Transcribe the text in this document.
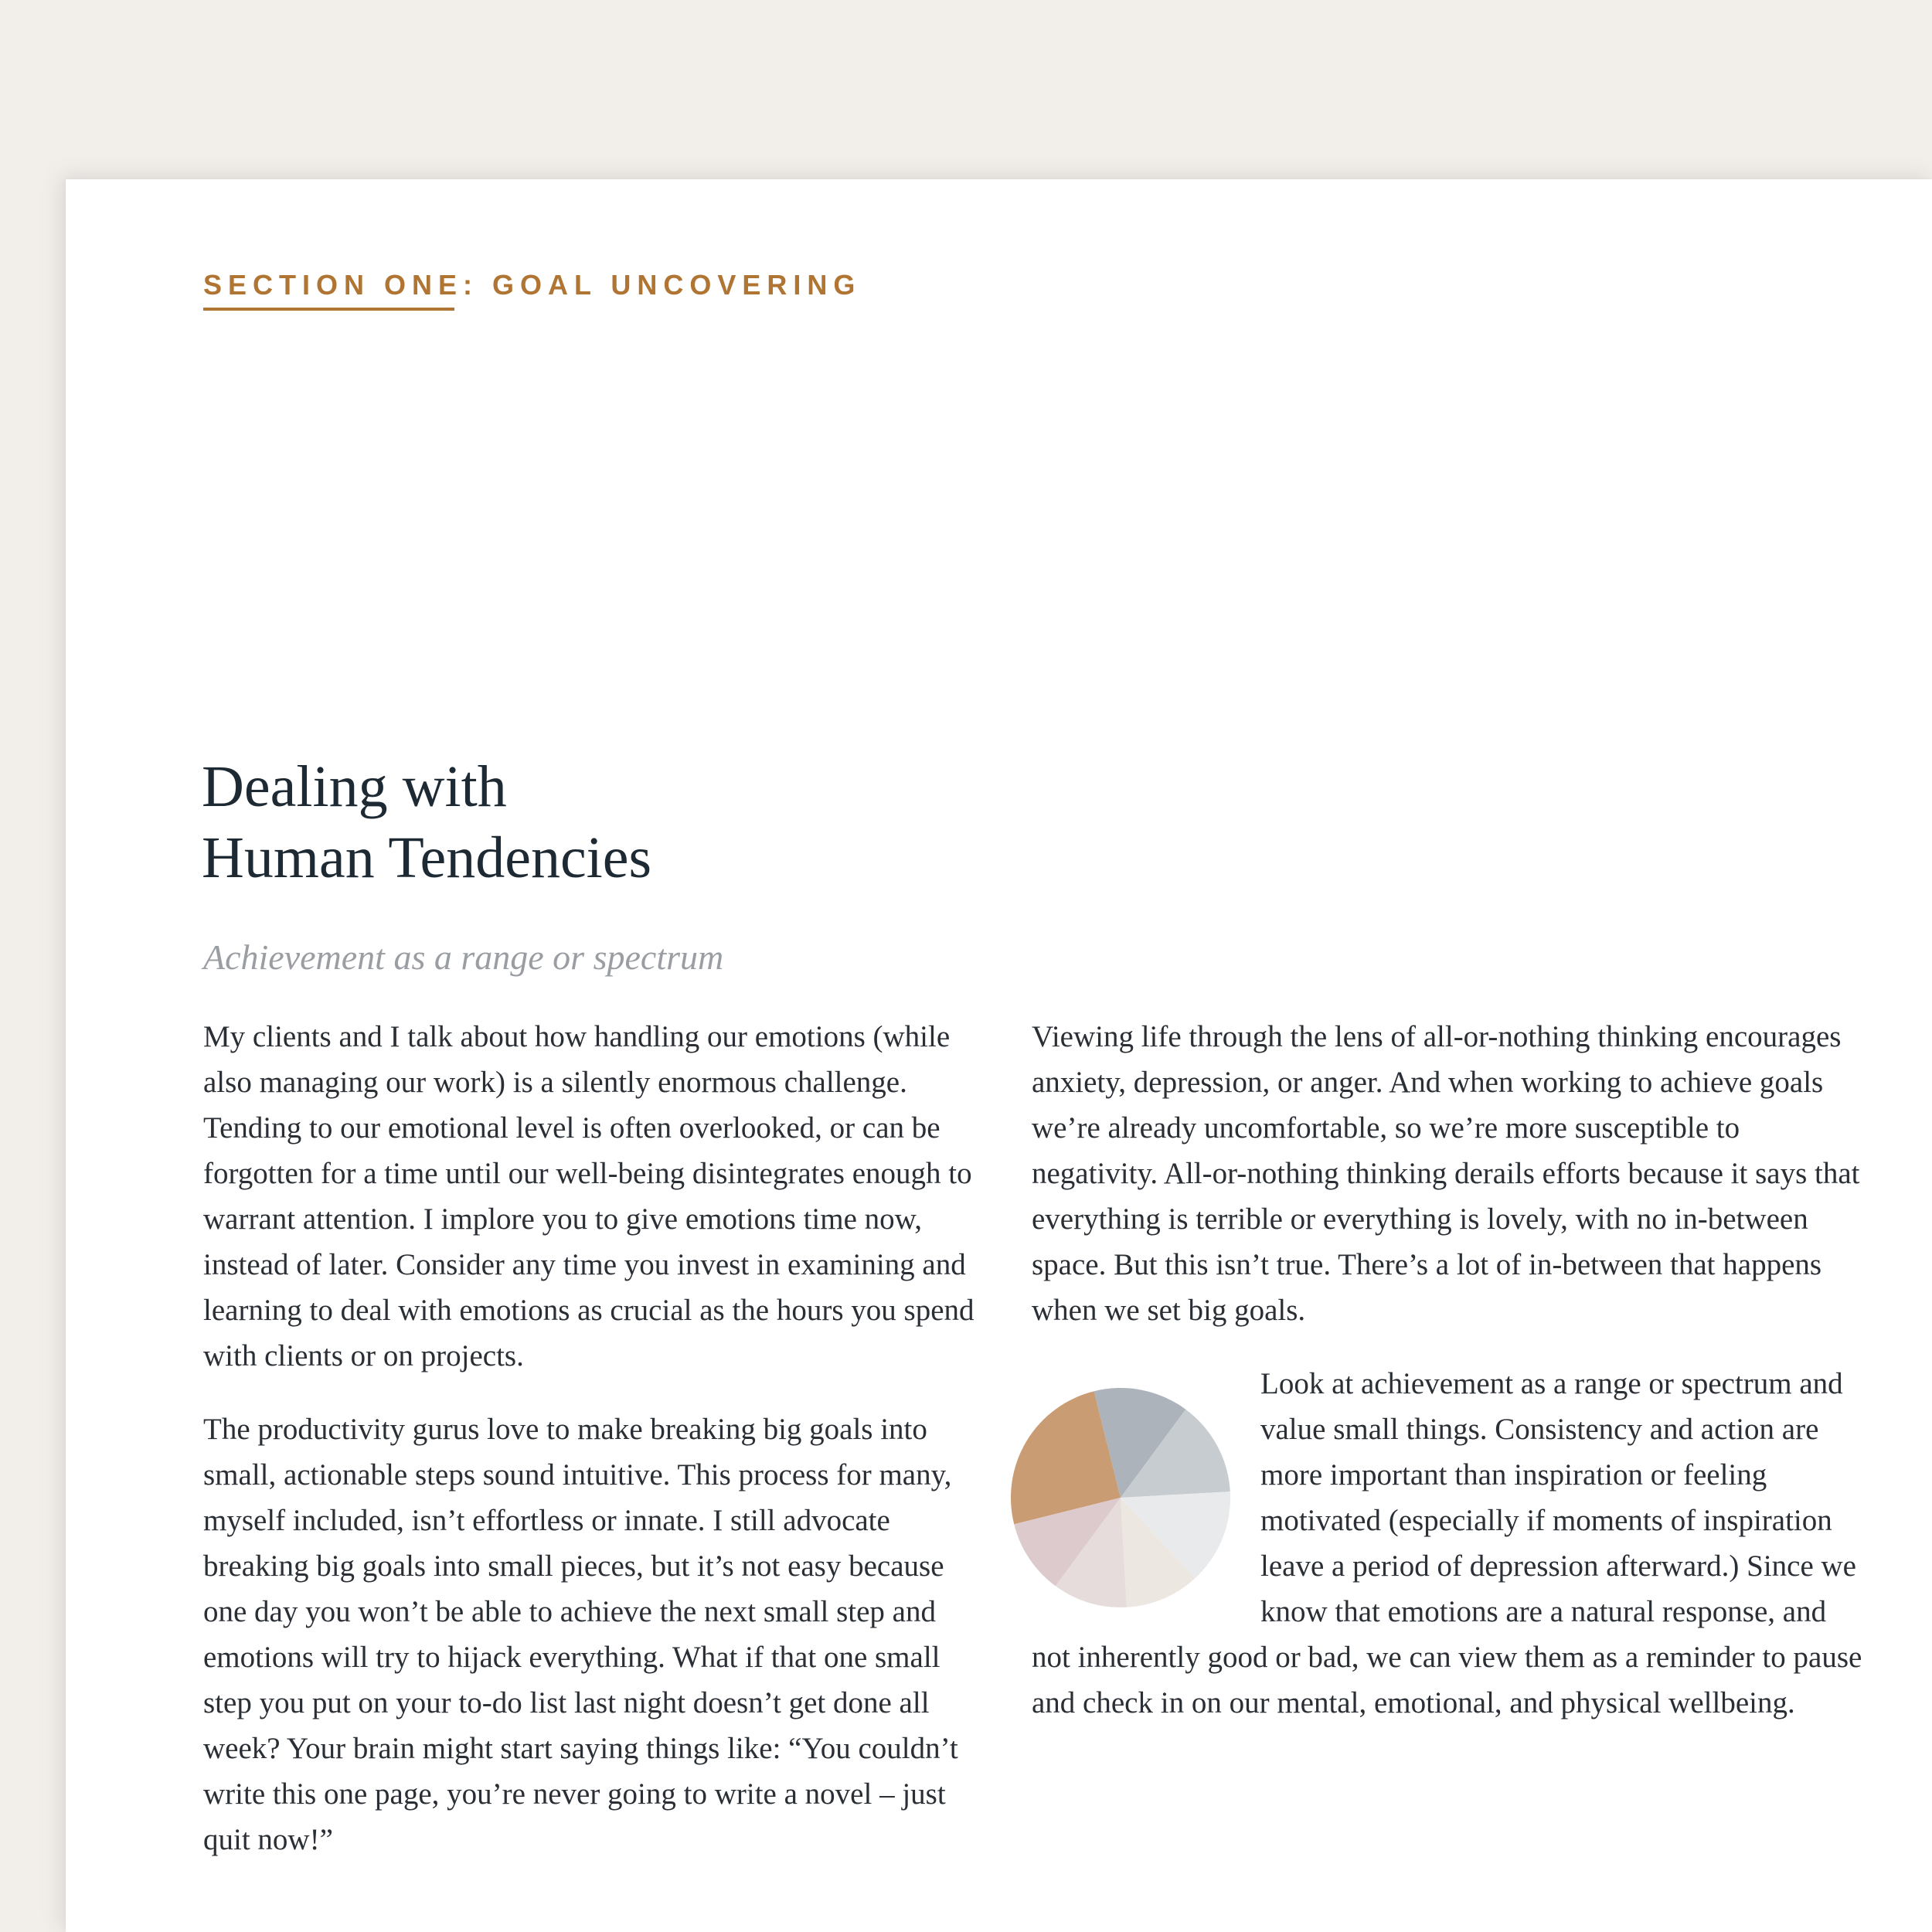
SECTION ONE: GOAL UNCOVERING
Dealing with
Human Tendencies
Achievement as a range or spectrum

My clients and I talk about how handling our emotions (while also managing our work) is a silently enormous challenge. Tending to our emotional level is often overlooked, or can be forgotten for a time until our well-being disintegrates enough to warrant attention. I implore you to give emotions time now, instead of later. Consider any time you invest in examining and learning to deal with emotions as crucial as the hours you spend with clients or on projects.

The productivity gurus love to make breaking big goals into small, actionable steps sound intuitive. This process for many, myself included, isn’t effortless or innate. I still advocate breaking big goals into small pieces, but it’s not easy because one day you won’t be able to achieve the next small step and emotions will try to hijack everything. What if that one small step you put on your to-do list last night doesn’t get done all week? Your brain might start saying things like: “You couldn’t write this one page, you’re never going to write a novel – just quit now!”

Viewing life through the lens of all-or-nothing thinking encourages anxiety, depression, or anger. And when working to achieve goals we’re already uncomfortable, so we’re more susceptible to negativity. All-or-nothing thinking derails efforts because it says that everything is terrible or everything is lovely, with no in-between space. But this isn’t true. There’s a lot of in-between that happens when we set big goals.

Look at achievement as a range or spectrum and value small things. Consistency and action are more important than inspiration or feeling motivated (especially if moments of inspiration leave a period of depression afterward.) Since we know that emotions are a natural response, and not inherently good or bad, we can view them as a reminder to pause and check in on our mental, emotional, and physical wellbeing.
